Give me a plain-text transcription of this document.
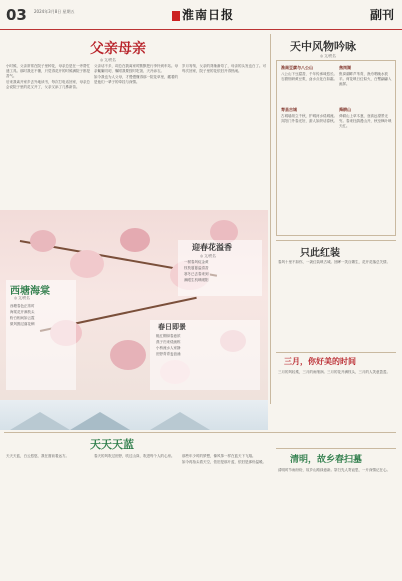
03 2024年3月8日 星期五	淮南日报	副刊
父亲母亲
◎ 文/佚名

小时候，父亲常常在院子里种花，母亲总是在一旁帮忙递工具。那时我还不懂，只觉得花开的时候满院子都是香气。

后来我离开家乡去外地读书，每次打电话回家，母亲总会说院子里的花又开了，父亲又添了几株新苗。

父亲话不多，却总在我离家时默默把行李拎到车站。母亲絮絮叨叨，嘱咐我要按时吃饭、天冷添衣。

如今我也为人父母，才慢慢懂得那一院花草里，藏着的是他们一辈子的牵挂与深情。

岁月匆匆，父亲的背渐渐弯了，母亲的头发也白了。可每次回家，院子里的花依旧开得热闹。

天中风物吟咏
◎ 文/佚名
淮南豆腐与八公山
八公山下豆腐香，千年传承味悠长。石磨细研黄豆浆，卤水点化白如霜。
寿县古城
古城墙垣立千秋，护城河水绕城流。宾阳门外春光好，游人如织话春秋。
焦岗湖
焦岗湖畔芦苇青，渔舟唱晚水波平。荷花映日红似火，白鹭翩翩入画屏。
舜耕山
舜耕山上草木葱，登高远望景无穷。春来杜鹃漫山开，秋至枫叶映天红。
迎春花溢香
◎ 文/佚名
一树春风绽金黄
枝枝蔓蔓溢清香
寒冬已去春来到
满眼生机映暖阳
西塘海棠
◎ 文/佚名
西塘春色正浓时
海棠花开满枝头
粉白相间如云霞
微风拂过落花稠	春日即景
桃红柳绿春意浓
燕子归来绕画栋
小桥流水人家静
田野青青麦浪涌
只此红装

春风十里不如你，一袭红装映古城。回眸一笑百媚生，花开花落总关情。

三月，你好美的时间

三月的风轻柔，三月的雨细润。三月的花开满枝头，三月的人笑意盈盈。

天天天蓝

天天天蓝，白云悠悠，我在窗前看远方。	春天的风吹过田野，吹过山岗，吹进每个人的心房。	那些年少时的梦想，像风筝一样在蓝天下飞翔。

如今再抬头看天空，依旧是那片蓝，依旧是那份温暖。	清明，故乡春扫墓

清明时节雨纷纷，故乡山路绿意新。祭扫先人寄哀思，一片深情记在心。
